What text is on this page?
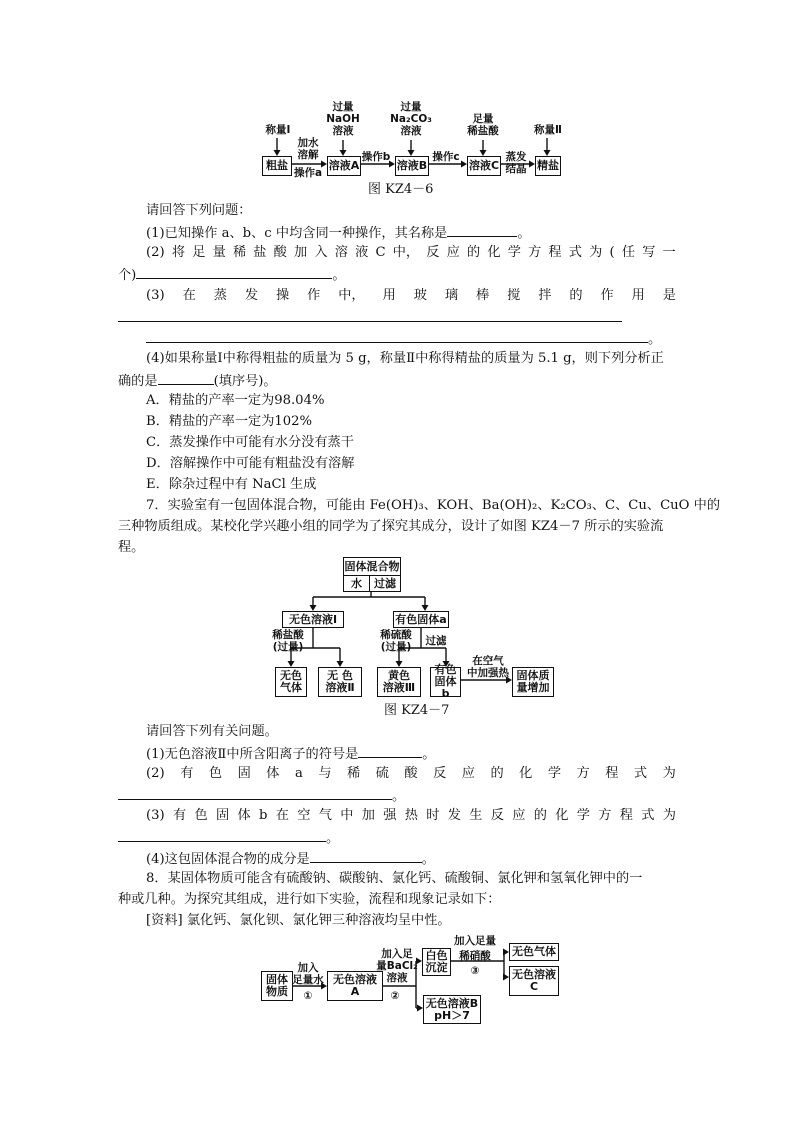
称量Ⅰ	称量Ⅱ
过量
NaOH
溶液
过量
Na₂CO₃
溶液
足量
稀盐酸
加水
溶解
操作a
操作b	操作c	蒸发
结晶
粗盐	溶液A	溶液B	溶液C	精盐
图 KZ4－6
请回答下列问题：
(1)已知操作 a、b、c 中均含同一种操作，其名称是	。
(2) 将 足 量 稀 盐 酸 加 入 溶 液 C 中， 反 应 的 化 学 方 程 式 为 ( 任 写 一
个)	。
(3) 在 蒸 发 操 作 中， 用 玻 璃 棒 搅 拌 的 作 用 是
。
(4)如果称量Ⅰ中称得粗盐的质量为 5 g，称量Ⅱ中称得精盐的质量为 5.1 g，则下列分析正
确的是	(填序号)。
A．精盐的产率一定为98.04%
B．精盐的产率一定为102%
C．蒸发操作中可能有水分没有蒸干
D．溶解操作中可能有粗盐没有溶解
E．除杂过程中有 NaCl 生成
7．实验室有一包固体混合物，可能由 Fe(OH)₃、KOH、Ba(OH)₂、K₂CO₃、C、Cu、CuO 中的
三种物质组成。某校化学兴趣小组的同学为了探究其成分，设计了如图 KZ4－7 所示的实验流
程。
固体混合物
水	过滤
无色溶液Ⅰ	有色固体a
稀盐酸
(过量)
稀硫酸
(过量)	过滤
在空气
中加强热
无色
气体
无 色
溶液Ⅱ
黄色
溶液Ⅲ
有色
固体b
固体质
量增加
图 KZ4－7
请回答下列有关问题。
(1)无色溶液Ⅱ中所含阳离子的符号是	。
(2) 有 色 固 体 a 与 稀 硫 酸 反 应 的 化 学 方 程 式 为
。
(3) 有 色 固 体 b 在 空 气 中 加 强 热 时 发 生 反 应 的 化 学 方 程 式 为
。
(4)这包固体混合物的成分是	。
8．某固体物质可能含有硫酸钠、碳酸钠、氯化钙、硫酸铜、氯化钾和氢氧化钾中的一
种或几种。为探究其组成，进行如下实验，流程和现象记录如下：
[资料] 氯化钙、氯化钡、氯化钾三种溶液均呈中性。
固体
物质
加入
足量水
①
无色溶液
A
加入足
量BaCl₂
溶液
②
白色
沉淀
加入足量
稀硝酸
③
无色气体
无色溶液
C
无色溶液B
pH＞7
